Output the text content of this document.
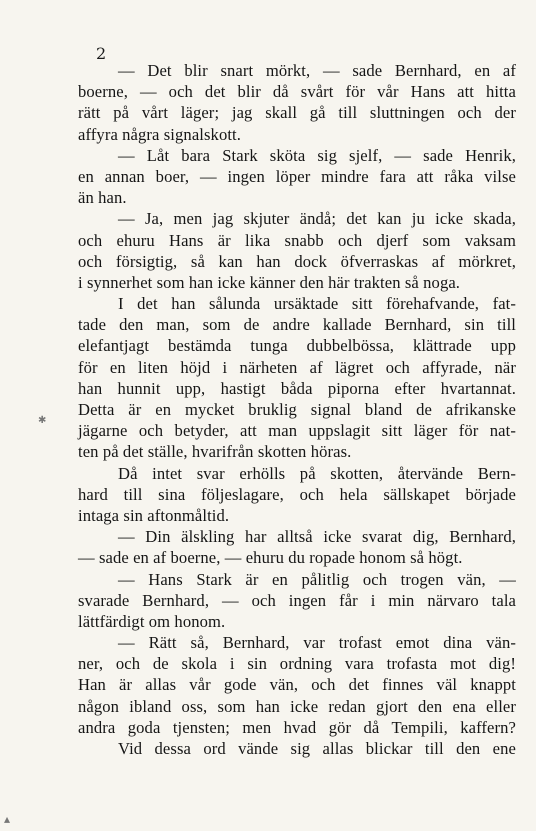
2
— Det blir snart mörkt, — sade Bernhard, en af
boerne, — och det blir då svårt för vår Hans att hitta
rätt på vårt läger; jag skall gå till sluttningen och der
affyra några signalskott.
— Låt bara Stark sköta sig sjelf, — sade Henrik,
en annan boer, — ingen löper mindre fara att råka vilse
än han.
— Ja, men jag skjuter ändå; det kan ju icke skada,
och ehuru Hans är lika snabb och djerf som vaksam
och försigtig, så kan han dock öfverraskas af mörkret,
i synnerhet som han icke känner den här trakten så noga.
I det han sålunda ursäktade sitt förehafvande, fat-
tade den man, som de andre kallade Bernhard, sin till
elefantjagt bestämda tunga dubbelbössa, klättrade upp
för en liten höjd i närheten af lägret och affyrade, när
han hunnit upp, hastigt båda piporna efter hvartannat.
Detta är en mycket bruklig signal bland de afrikanske
jägarne och betyder, att man uppslagit sitt läger för nat-
ten på det ställe, hvarifrån skotten höras.
Då intet svar erhölls på skotten, återvände Bern-
hard till sina följeslagare, och hela sällskapet började
intaga sin aftonmåltid.
— Din älskling har alltså icke svarat dig, Bernhard,
— sade en af boerne, — ehuru du ropade honom så högt.
— Hans Stark är en pålitlig och trogen vän, —
svarade Bernhard, — och ingen får i min närvaro tala
lättfärdigt om honom.
— Rätt så, Bernhard, var trofast emot dina vän-
ner, och de skola i sin ordning vara trofasta mot dig!
Han är allas vår gode vän, och det finnes väl knappt
någon ibland oss, som han icke redan gjort den ena eller
andra goda tjensten; men hvad gör då Tempili, kaffern?
Vid dessa ord vände sig allas blickar till den ene
✱
▴
